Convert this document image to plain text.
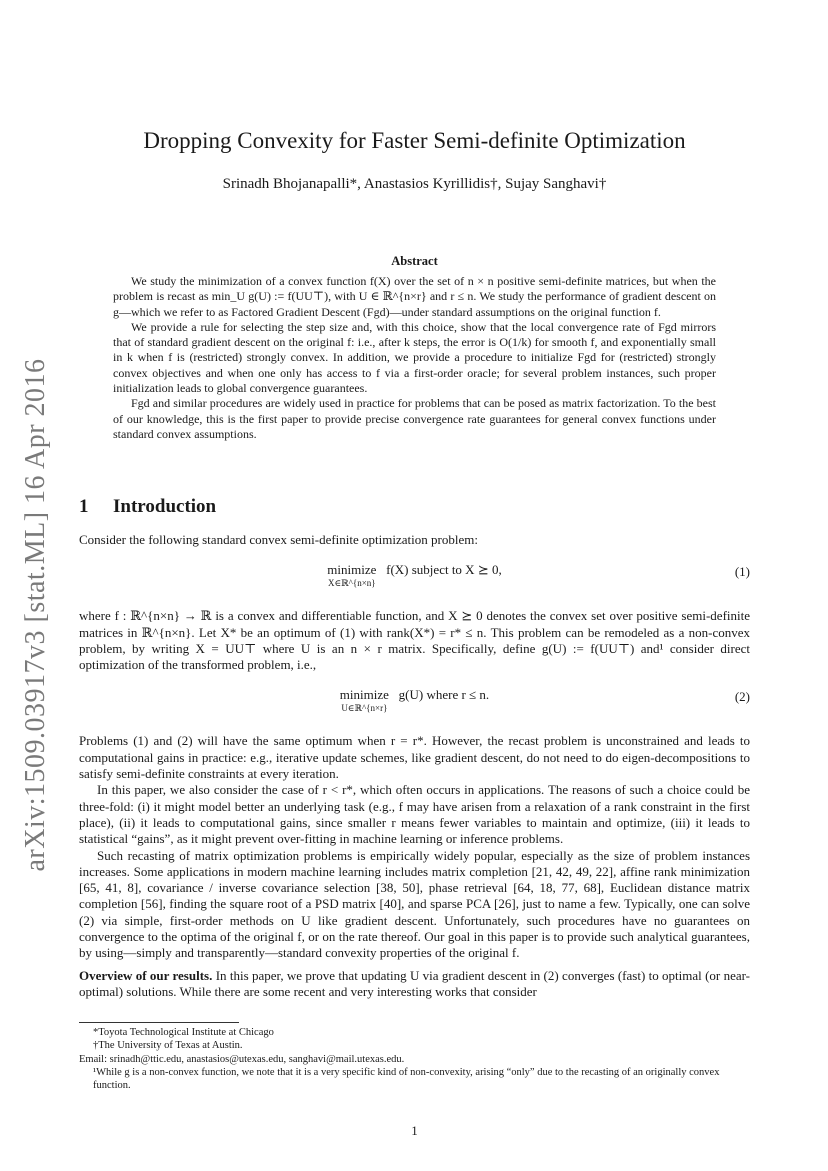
arXiv:1509.03917v3 [stat.ML] 16 Apr 2016
Dropping Convexity for Faster Semi-definite Optimization
Srinadh Bhojanapalli*, Anastasios Kyrillidis†, Sujay Sanghavi†
Abstract

We study the minimization of a convex function f(X) over the set of n × n positive semi-definite matrices, but when the problem is recast as min_U g(U) := f(UU⊤), with U ∈ ℝ^{n×r} and r ≤ n. We study the performance of gradient descent on g—which we refer to as Factored Gradient Descent (Fgd)—under standard assumptions on the original function f.

We provide a rule for selecting the step size and, with this choice, show that the local convergence rate of Fgd mirrors that of standard gradient descent on the original f: i.e., after k steps, the error is O(1/k) for smooth f, and exponentially small in k when f is (restricted) strongly convex. In addition, we provide a procedure to initialize Fgd for (restricted) strongly convex objectives and when one only has access to f via a first-order oracle; for several problem instances, such proper initialization leads to global convergence guarantees.

Fgd and similar procedures are widely used in practice for problems that can be posed as matrix factorization. To the best of our knowledge, this is the first paper to provide precise convergence rate guarantees for general convex functions under standard convex assumptions.

1 Introduction

Consider the following standard convex semi-definite optimization problem:

minimize
X∈ℝ^{n×n}
f(X) subject to X ⪰ 0,	(1)

where f : ℝ^{n×n} → ℝ is a convex and differentiable function, and X ⪰ 0 denotes the convex set over positive semi-definite matrices in ℝ^{n×n}. Let X* be an optimum of (1) with rank(X*) = r* ≤ n. This problem can be remodeled as a non-convex problem, by writing X = UU⊤ where U is an n × r matrix. Specifically, define g(U) := f(UU⊤) and¹ consider direct optimization of the transformed problem, i.e.,

minimize
U∈ℝ^{n×r}
g(U) where r ≤ n.	(2)

Problems (1) and (2) will have the same optimum when r = r*. However, the recast problem is unconstrained and leads to computational gains in practice: e.g., iterative update schemes, like gradient descent, do not need to do eigen-decompositions to satisfy semi-definite constraints at every iteration.

In this paper, we also consider the case of r < r*, which often occurs in applications. The reasons of such a choice could be three-fold: (i) it might model better an underlying task (e.g., f may have arisen from a relaxation of a rank constraint in the first place), (ii) it leads to computational gains, since smaller r means fewer variables to maintain and optimize, (iii) it leads to statistical “gains”, as it might prevent over-fitting in machine learning or inference problems.

Such recasting of matrix optimization problems is empirically widely popular, especially as the size of problem instances increases. Some applications in modern machine learning includes matrix completion [21, 42, 49, 22], affine rank minimization [65, 41, 8], covariance / inverse covariance selection [38, 50], phase retrieval [64, 18, 77, 68], Euclidean distance matrix completion [56], finding the square root of a PSD matrix [40], and sparse PCA [26], just to name a few. Typically, one can solve (2) via simple, first-order methods on U like gradient descent. Unfortunately, such procedures have no guarantees on convergence to the optima of the original f, or on the rate thereof. Our goal in this paper is to provide such analytical guarantees, by using—simply and transparently—standard convexity properties of the original f.

Overview of our results. In this paper, we prove that updating U via gradient descent in (2) converges (fast) to optimal (or near-optimal) solutions. While there are some recent and very interesting works that consider

*Toyota Technological Institute at Chicago

†The University of Texas at Austin.

Email: srinadh@ttic.edu, anastasios@utexas.edu, sanghavi@mail.utexas.edu.

¹While g is a non-convex function, we note that it is a very specific kind of non-convexity, arising “only” due to the recasting of an originally convex function.

1
